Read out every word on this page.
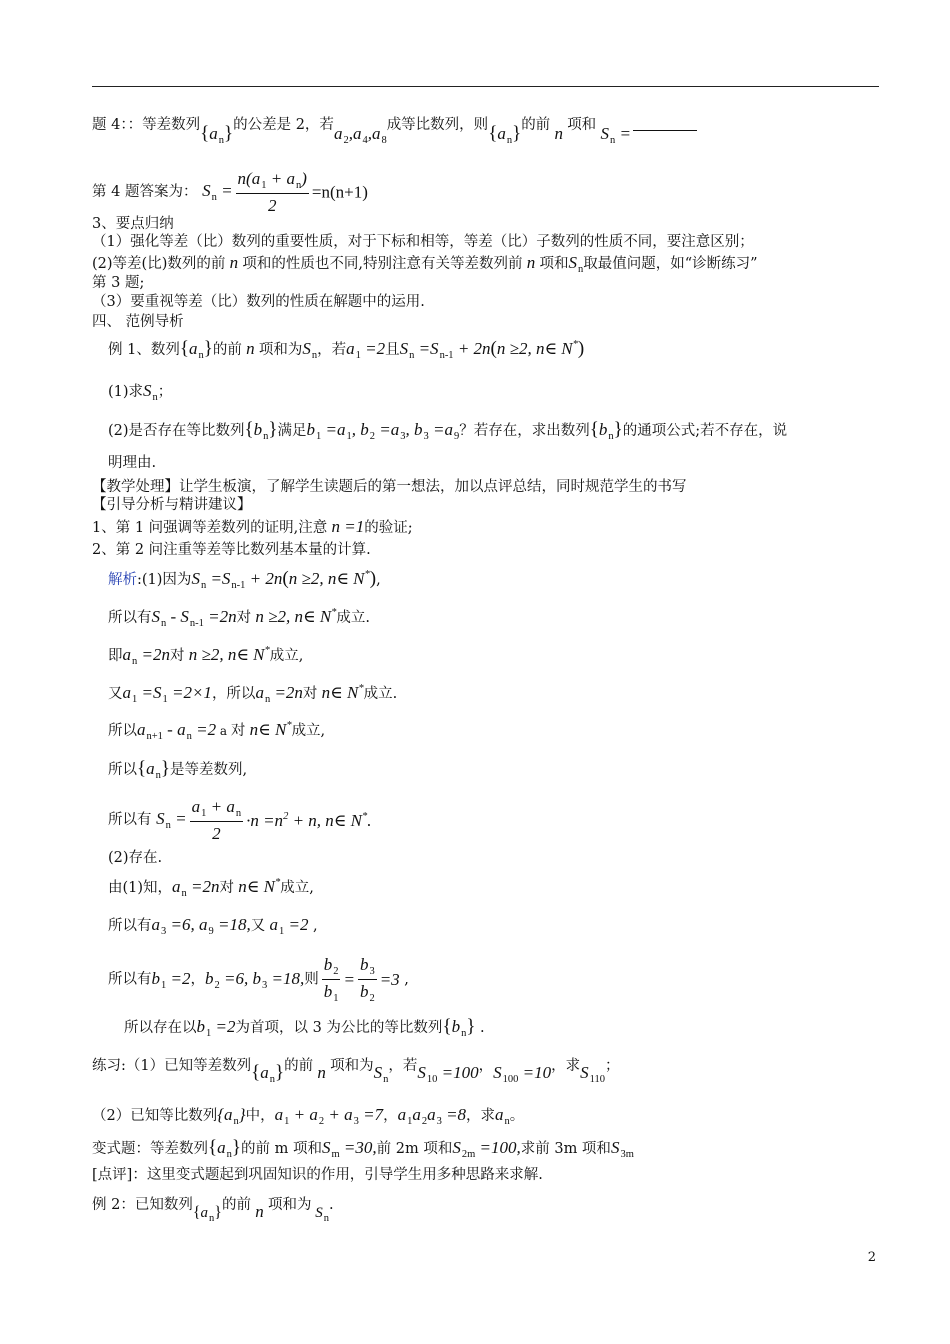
题 4：：等差数列$\{a_n\}$的公差是 2，若$a_2,a_4,a_8$成等比数列，则$\{a_n\}$的前 n 项和 $S_n$ =
第 4 题答案为： $S_n = \frac{n(a_1 + a_n)}{2} =n(n+1)$
3、要点归纳
（1）强化等差（比）数列的重要性质，对于下标和相等，等差（比）子数列的性质不同，要注意区别；
(2)等差(比)数列的前 n 项和的性质也不同,特别注意有关等差数列前 n 项和$S_n$取最值问题，如“诊断练习”
第 3 题;
（3）要重视等差（比）数列的性质在解题中的运用.
四、 范例导析
例 1、数列$\{a_n\}$的前 n 项和为$S_n$，若$a_1 =2$且$S_n =S_{n-1} + 2n(n \ge 2$, n∈ N*)
(1)求$S_n$；
(2)是否存在等比数列$\{b_n\}$满足$b_1 =a_1$, $b_2 =a_3$, $b_3 =a_9$？若存在，求出数列$\{b_n\}$的通项公式;若不存在，说
明理由.
【教学处理】让学生板演，了解学生读题后的第一想法，加以点评总结，同时规范学生的书写
【引导分析与精讲建议】
1、第 1 问强调等差数列的证明,注意 n =1的验证;
2、第 2 问注重等差等比数列基本量的计算.
解析:(1)因为$S_n =S_{n-1} + 2n(n \ge 2$, n∈ N*),
所以有$S_n - S_{n-1} =2n$对 n ≥2, n∈ N*成立.
即$a_n =2n$对 n ≥2, n∈ N*成立,
又$a_1 =S_1 =2\times 1$，所以$a_n =2n$对 n∈ N*成立.
所以$a_{n+1} - a_n =2$ a 对 n∈ N*成立,
所以$\{a_n\}$是等差数列,
所以有 $S_n = \frac{a_1 + a_n}{2} \cdot n =n^2 + n$, n∈ N*.
(2)存在.
由(1)知，$a_n =2n$对 n∈ N*成立,
所以有$a_3 =6$, $a_9 =18$,又 $a_1 =2$ ,
所以有$b_1 =2$，$b_2 =6$, $b_3 =18$,则 $\frac{b_2}{b_1} = \frac{b_3}{b_2} =3$ ,
所以存在以$b_1 =2$为首项，以 3 为公比的等比数列$\{b_n\}$ .
练习:（1）已知等差数列$\{a_n\}$的前 n 项和为$S_n$，若$S_{10} =100$，$S_{100} =10$，求$S_{110}$；
（2）已知等比数列$\{a_n\}$中，$a_1 + a_2 + a_3 =7$，$a_1a_2a_3 =8$，求$a_n$。
变式题：等差数列$\{a_n\}$的前 m 项和$S_m =30$,前 2m 项和$S_{2m} =100$,求前 3m 项和$S_{3m}$
[点评]：这里变式题起到巩固知识的作用，引导学生用多种思路来求解.
例 2：已知数列$\{a_n\}$的前 n 项和为 $S_n$.
2
